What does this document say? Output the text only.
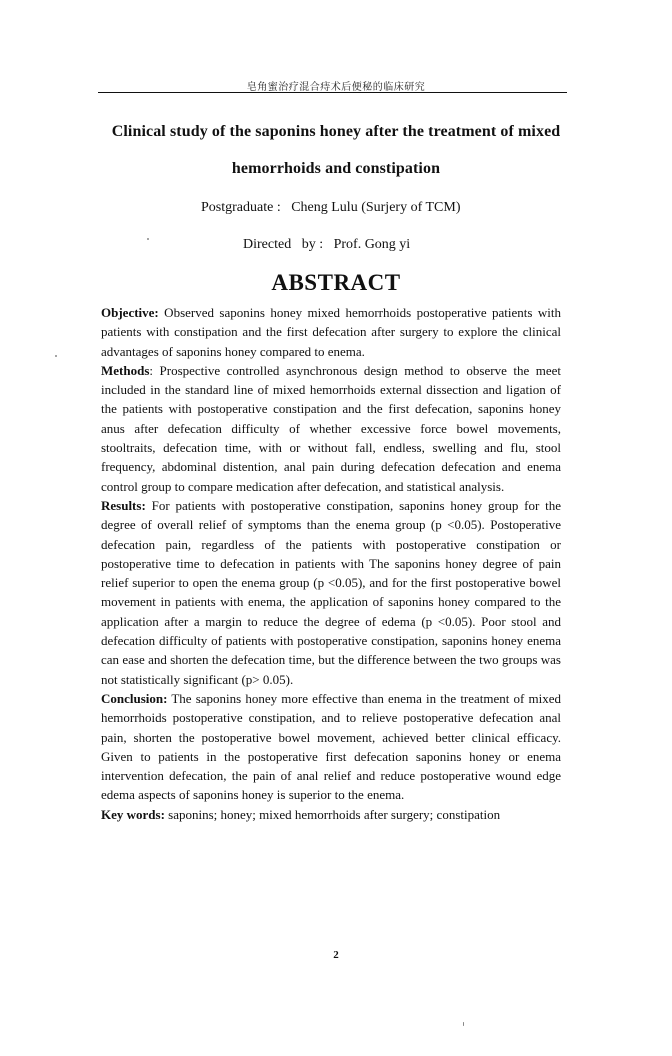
皂角蜜治疗混合痔术后便秘的临床研究
Clinical study of the saponins honey after the treatment of mixed
hemorrhoids and constipation
Postgraduate :   Cheng Lulu (Surjery of TCM)
Directed   by :   Prof. Gong yi
ABSTRACT

Objective: Observed saponins honey mixed hemorrhoids postoperative patients with patients with constipation and the first defecation after surgery to explore the clinical advantages of saponins honey compared to enema.

Methods: Prospective controlled asynchronous design method to observe the meet included in the standard line of mixed hemorrhoids external dissection and ligation of the patients with postoperative constipation and the first defecation, saponins honey anus after defecation difficulty of whether excessive force bowel movements, stooltraits, defecation time, with or without fall, endless, swelling and flu, stool frequency, abdominal distention, anal pain during defecation defecation and enema control group to compare medication after defecation, and statistical analysis.

Results: For patients with postoperative constipation, saponins honey group for the degree of overall relief of symptoms than the enema group (p <0.05). Postoperative defecation pain, regardless of the patients with postoperative constipation or postoperative time to defecation in patients with The saponins honey degree of pain relief superior to open the enema group (p <0.05), and for the first postoperative bowel movement in patients with enema, the application of saponins honey compared to the application after a margin to reduce the degree of edema (p <0.05). Poor stool and defecation difficulty of patients with postoperative constipation, saponins honey enema can ease and shorten the defecation time, but the difference between the two groups was not statistically significant (p> 0.05).

Conclusion: The saponins honey more effective than enema in the treatment of mixed hemorrhoids postoperative constipation, and to relieve postoperative defecation anal pain, shorten the postoperative bowel movement, achieved better clinical efficacy. Given to patients in the postoperative first defecation saponins honey or enema intervention defecation, the pain of anal relief and reduce postoperative wound edge edema aspects of saponins honey is superior to the enema.

Key words: saponins; honey; mixed hemorrhoids after surgery; constipation

2
